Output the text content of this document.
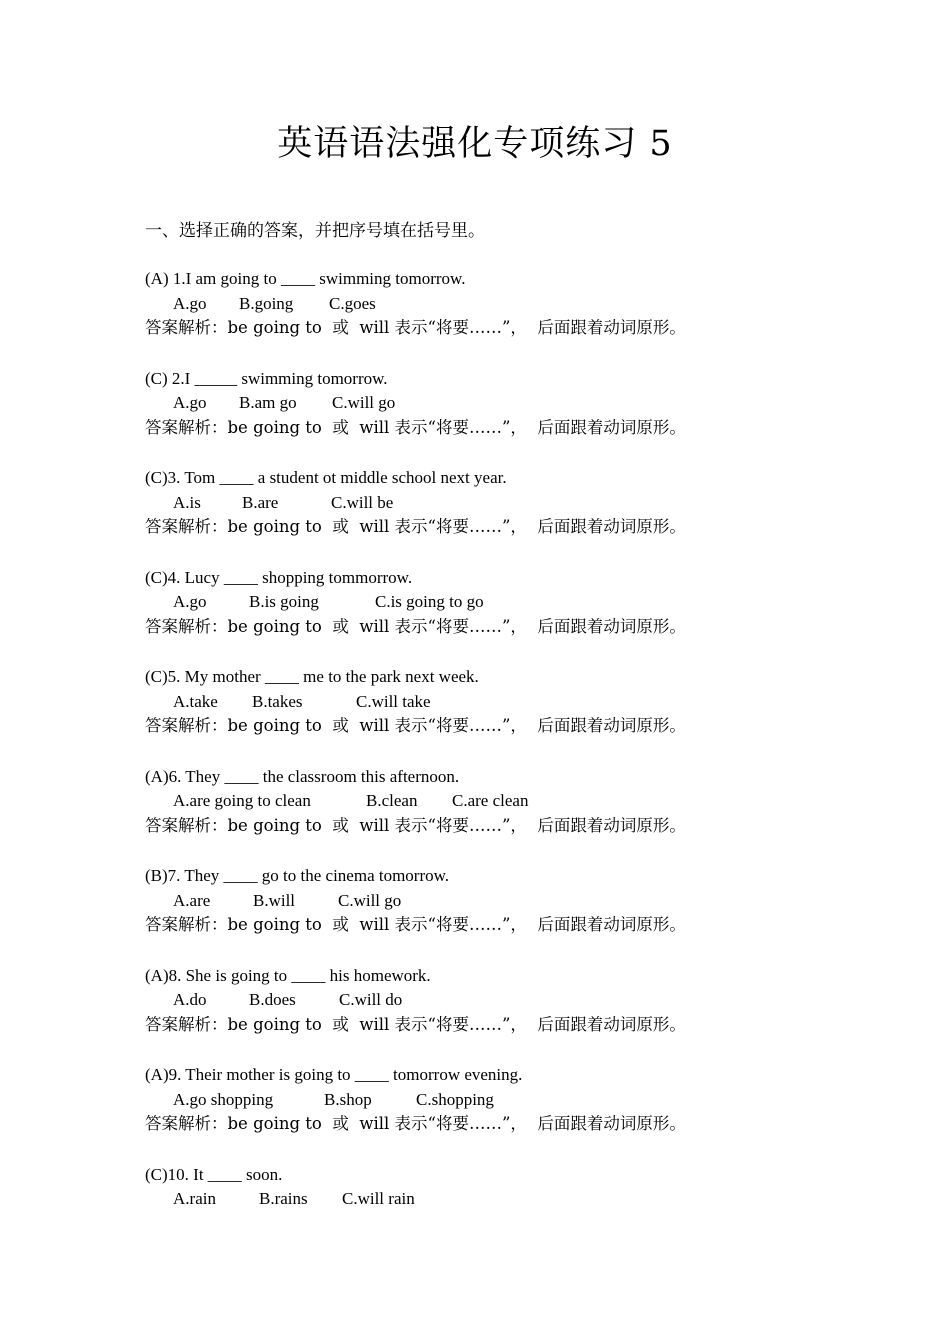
英语语法强化专项练习 5
一、选择正确的答案，并把序号填在括号里。
(A) 1.I am going to ____ swimming tomorrow.
A.go B.going C.goes
答案解析：be going to  或  will 表示“将要……”，  后面跟着动词原形。
(C) 2.I _____ swimming tomorrow.
A.go B.am go C.will go
答案解析：be going to  或  will 表示“将要……”，  后面跟着动词原形。
(C)3. Tom ____ a student ot middle school next year.
A.is B.are	C.will be
答案解析：be going to  或  will 表示“将要……”，  后面跟着动词原形。
(C)4. Lucy ____ shopping tommorrow.
A.go B.is going	C.is going to go
答案解析：be going to  或  will 表示“将要……”，  后面跟着动词原形。
(C)5. My mother ____ me to the park next week.
A.take B.takes	C.will take
答案解析：be going to  或  will 表示“将要……”，  后面跟着动词原形。
(A)6. They ____ the classroom this afternoon.
A.are going to clean	B.clean C.are clean
答案解析：be going to  或  will 表示“将要……”，  后面跟着动词原形。
(B)7. They ____ go to the cinema tomorrow.
A.are	B.will	C.will go
答案解析：be going to  或  will 表示“将要……”，  后面跟着动词原形。
(A)8. She is going to ____ his homework.
A.do B.does	C.will do
答案解析：be going to  或  will 表示“将要……”，  后面跟着动词原形。
(A)9. Their mother is going to ____ tomorrow evening.
A.go shopping	B.shop	C.shopping
答案解析：be going to  或  will 表示“将要……”，  后面跟着动词原形。
(C)10. It ____ soon.
A.rain	B.rains C.will rain
